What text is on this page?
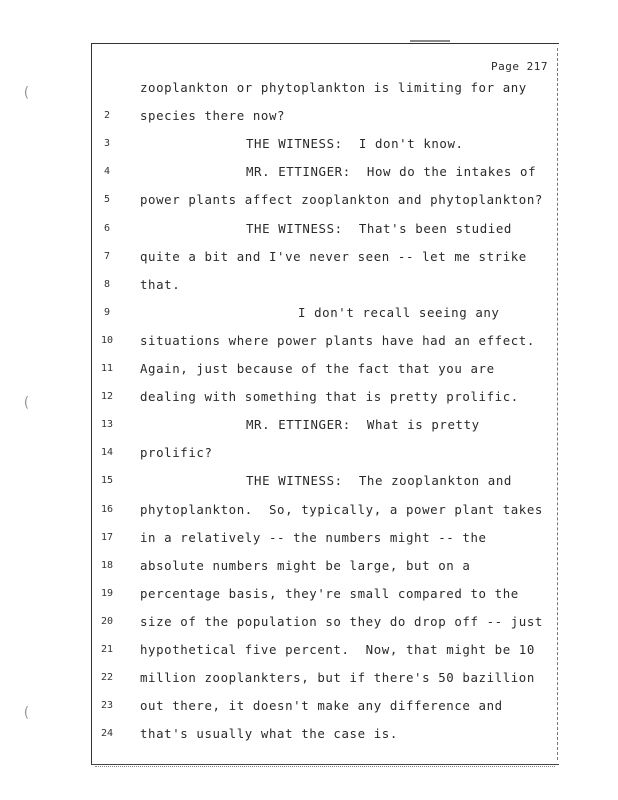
Page 217
zooplankton or phytoplankton is limiting for any
2	species there now?
3	THE WITNESS:  I don't know.
4	MR. ETTINGER:  How do the intakes of
5	power plants affect zooplankton and phytoplankton?
6	THE WITNESS:  That's been studied
7	quite a bit and I've never seen -- let me strike
8	that.
9	I don't recall seeing any
10	situations where power plants have had an effect.
11	Again, just because of the fact that you are
12	dealing with something that is pretty prolific.
13	MR. ETTINGER:  What is pretty
14	prolific?
15	THE WITNESS:  The zooplankton and
16	phytoplankton.  So, typically, a power plant takes
17	in a relatively -- the numbers might -- the
18	absolute numbers might be large, but on a
19	percentage basis, they're small compared to the
20	size of the population so they do drop off -- just
21	hypothetical five percent.  Now, that might be 10
22	million zooplankters, but if there's 50 bazillion
23	out there, it doesn't make any difference and
24	that's usually what the case is.
(
(
(
